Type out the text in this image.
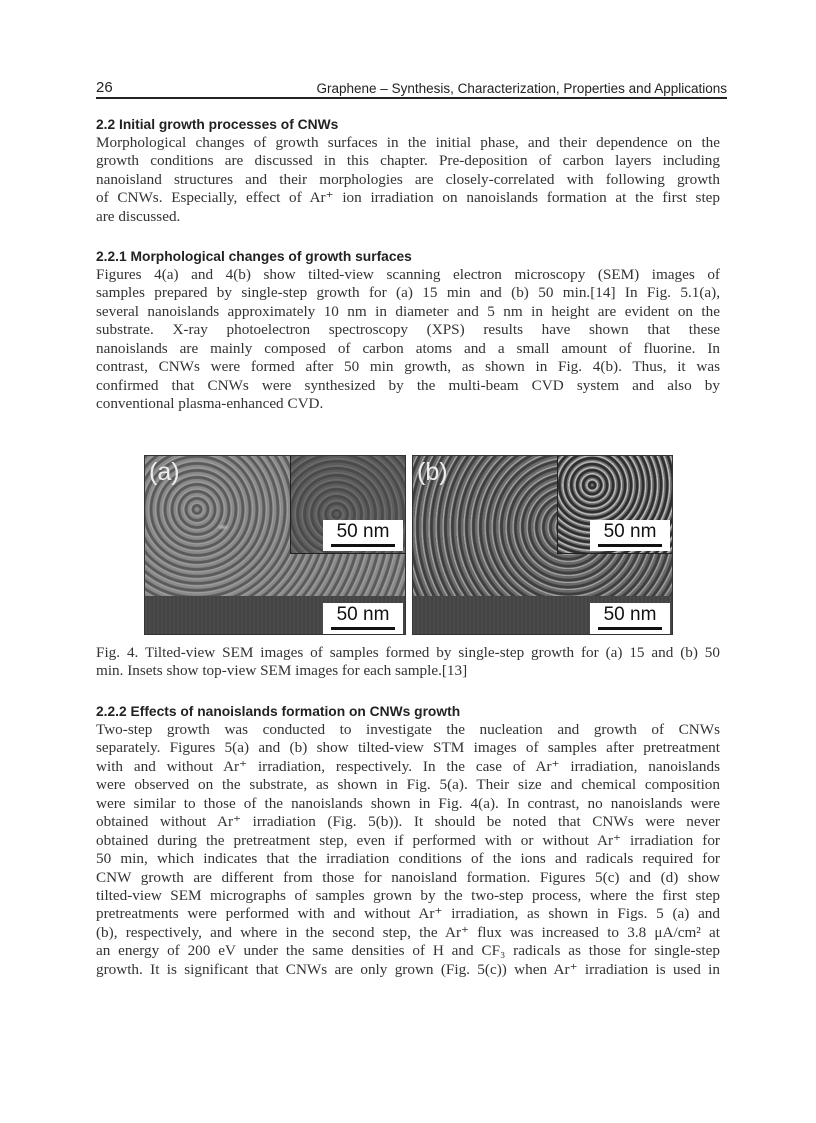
26	Graphene – Synthesis, Characterization, Properties and Applications
2.2 Initial growth processes of CNWs
Morphological changes of growth surfaces in the initial phase, and their dependence on the
growth conditions are discussed in this chapter. Pre-deposition of carbon layers including
nanoisland structures and their morphologies are closely-correlated with following growth
of CNWs. Especially, effect of Ar⁺ ion irradiation on nanoislands formation at the first step
are discussed.
2.2.1 Morphological changes of growth surfaces
Figures 4(a) and 4(b) show tilted-view scanning electron microscopy (SEM) images of
samples prepared by single-step growth for (a) 15 min and (b) 50 min.[14] In Fig. 5.1(a),
several nanoislands approximately 10 nm in diameter and 5 nm in height are evident on the
substrate. X-ray photoelectron spectroscopy (XPS) results have shown that these
nanoislands are mainly composed of carbon atoms and a small amount of fluorine. In
contrast, CNWs were formed after 50 min growth, as shown in Fig. 4(b). Thus, it was
confirmed that CNWs were synthesized by the multi-beam CVD system and also by
conventional plasma-enhanced CVD.
50 nm
(a)
50 nm
50 nm
(b)
50 nm
Fig. 4. Tilted-view SEM images of samples formed by single-step growth for (a) 15 and (b) 50
min. Insets show top-view SEM images for each sample.[13]
2.2.2 Effects of nanoislands formation on CNWs growth
Two-step growth was conducted to investigate the nucleation and growth of CNWs
separately. Figures 5(a) and (b) show tilted-view STM images of samples after pretreatment
with and without Ar⁺ irradiation, respectively. In the case of Ar⁺ irradiation, nanoislands
were observed on the substrate, as shown in Fig. 5(a). Their size and chemical composition
were similar to those of the nanoislands shown in Fig. 4(a). In contrast, no nanoislands were
obtained without Ar⁺ irradiation (Fig. 5(b)). It should be noted that CNWs were never
obtained during the pretreatment step, even if performed with or without Ar⁺ irradiation for
50 min, which indicates that the irradiation conditions of the ions and radicals required for
CNW growth are different from those for nanoisland formation. Figures 5(c) and (d) show
tilted-view SEM micrographs of samples grown by the two-step process, where the first step
pretreatments were performed with and without Ar⁺ irradiation, as shown in Figs. 5 (a) and
(b), respectively, and where in the second step, the Ar⁺ flux was increased to 3.8 μA/cm² at
an energy of 200 eV under the same densities of H and CF₃ radicals as those for single-step
growth. It is significant that CNWs are only grown (Fig. 5(c)) when Ar⁺ irradiation is used in
